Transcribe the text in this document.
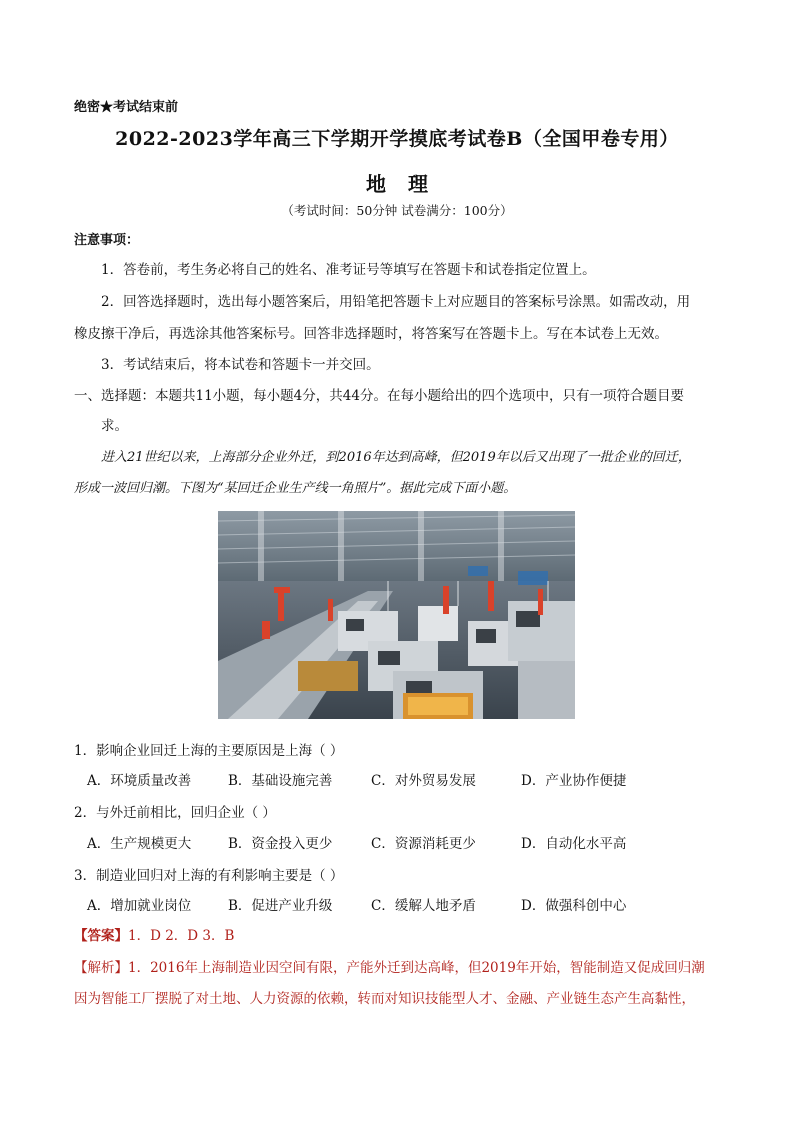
绝密★考试结束前
2022-2023学年高三下学期开学摸底考试卷B（全国甲卷专用）
地理
（考试时间：50分钟 试卷满分：100分）
注意事项：
1．答卷前，考生务必将自己的姓名、准考证号等填写在答题卡和试卷指定位置上。
2．回答选择题时，选出每小题答案后，用铅笔把答题卡上对应题目的答案标号涂黑。如需改动，用
橡皮擦干净后，再选涂其他答案标号。回答非选择题时，将答案写在答题卡上。写在本试卷上无效。
3．考试结束后，将本试卷和答题卡一并交回。
一、选择题：本题共11小题，每小题4分，共44分。在每小题给出的四个选项中，只有一项符合题目要
求。
进入21世纪以来，上海部分企业外迁，到2016年达到高峰，但2019年以后又出现了一批企业的回迁，
形成一波回归潮。下图为“某回迁企业生产线一角照片”。据此完成下面小题。
1．影响企业回迁上海的主要原因是上海（ ）
A．环境质量改善	B．基础设施完善	C．对外贸易发展	D．产业协作便捷
2．与外迁前相比，回归企业（ ）
A．生产规模更大	B．资金投入更少	C．资源消耗更少	D．自动化水平高
3．制造业回归对上海的有利影响主要是（ ）
A．增加就业岗位	B．促进产业升级	C．缓解人地矛盾	D．做强科创中心
【答案】1．D 2．D 3．B
【解析】1．2016年上海制造业因空间有限，产能外迁到达高峰，但2019年开始，智能制造又促成回归潮
因为智能工厂摆脱了对土地、人力资源的依赖，转而对知识技能型人才、金融、产业链生态产生高黏性，
